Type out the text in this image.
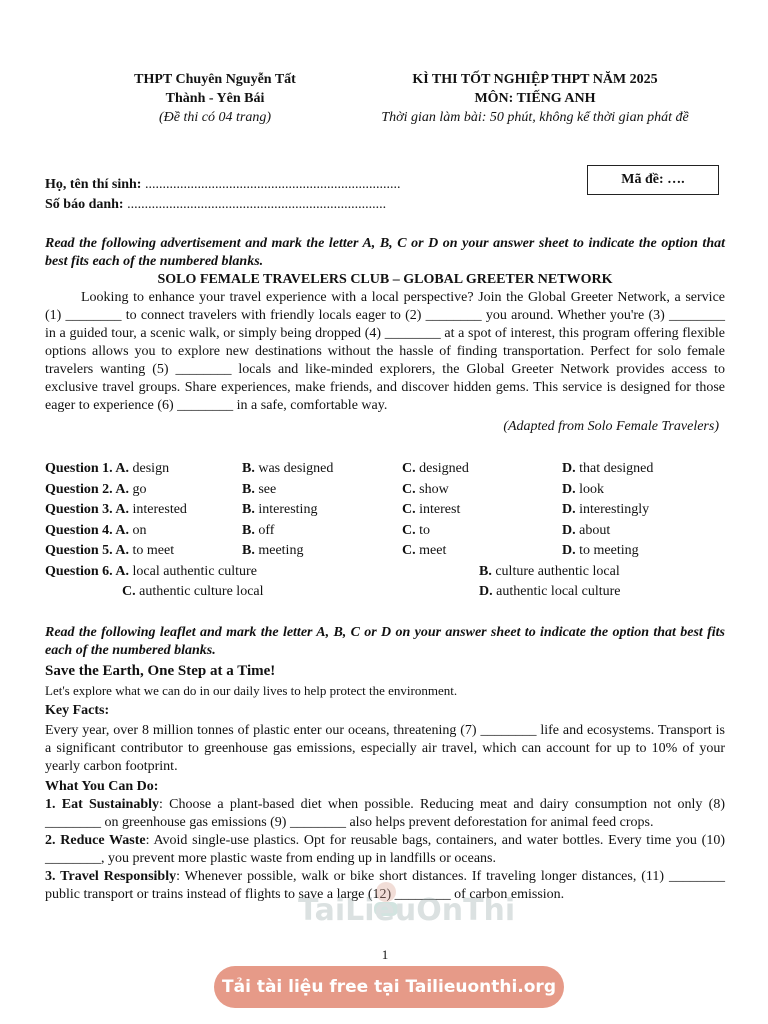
THPT Chuyên Nguyễn Tất
Thành - Yên Bái
(Đề thi có 04 trang)
KÌ THI TỐT NGHIỆP THPT NĂM 2025
MÔN: TIẾNG ANH
Thời gian làm bài: 50 phút, không kể thời gian phát đề
Họ, tên thí sinh: .........................................................................
Số báo danh: ..........................................................................
Mã đề: ….
Read the following advertisement and mark the letter A, B, C or D on your answer sheet to indicate the option that best fits each of the numbered blanks.
SOLO FEMALE TRAVELERS CLUB – GLOBAL GREETER NETWORK
Looking to enhance your travel experience with a local perspective? Join the Global Greeter Network, a service (1) ________ to connect travelers with friendly locals eager to (2) ________ you around. Whether you're (3) ________ in a guided tour, a scenic walk, or simply being dropped (4) ________ at a spot of interest, this program offering flexible options allows you to explore new destinations without the hassle of finding transportation. Perfect for solo female travelers wanting (5) ________ locals and like-minded explorers, the Global Greeter Network provides access to exclusive travel groups. Share experiences, make friends, and discover hidden gems. This service is designed for those eager to experience (6) ________ in a safe, comfortable way.
(Adapted from Solo Female Travelers)
Question 1. A. design	B. was designed	C. designed	D. that designed
Question 2. A. go	B. see	C. show	D. look
Question 3. A. interested	B. interesting	C. interest	D. interestingly
Question 4. A. on	B. off	C. to	D. about
Question 5. A. to meet	B. meeting	C. meet	D. to meeting
Question 6. A. local authentic culture	B. culture authentic local
C. authentic culture local	D. authentic local culture
Read the following leaflet and mark the letter A, B, C or D on your answer sheet to indicate the option that best fits each of the numbered blanks.
Save the Earth, One Step at a Time!
Let's explore what we can do in our daily lives to help protect the environment.
Key Facts:
Every year, over 8 million tonnes of plastic enter our oceans, threatening (7) ________ life and ecosystems. Transport is a significant contributor to greenhouse gas emissions, especially air travel, which can account for up to 10% of your yearly carbon footprint.
What You Can Do:
1. Eat Sustainably: Choose a plant-based diet when possible. Reducing meat and dairy consumption not only (8) ________ on greenhouse gas emissions (9) ________ also helps prevent deforestation for animal feed crops.
2. Reduce Waste: Avoid single-use plastics. Opt for reusable bags, containers, and water bottles. Every time you (10) ________, you prevent more plastic waste from ending up in landfills or oceans.
3. Travel Responsibly: Whenever possible, walk or bike short distances. If traveling longer distances, (11) ________ public transport or trains instead of flights to save a large (12) ________ of carbon emission.
1
TaiLieuOnThi
Tải tài liệu free tại Tailieuonthi.org
